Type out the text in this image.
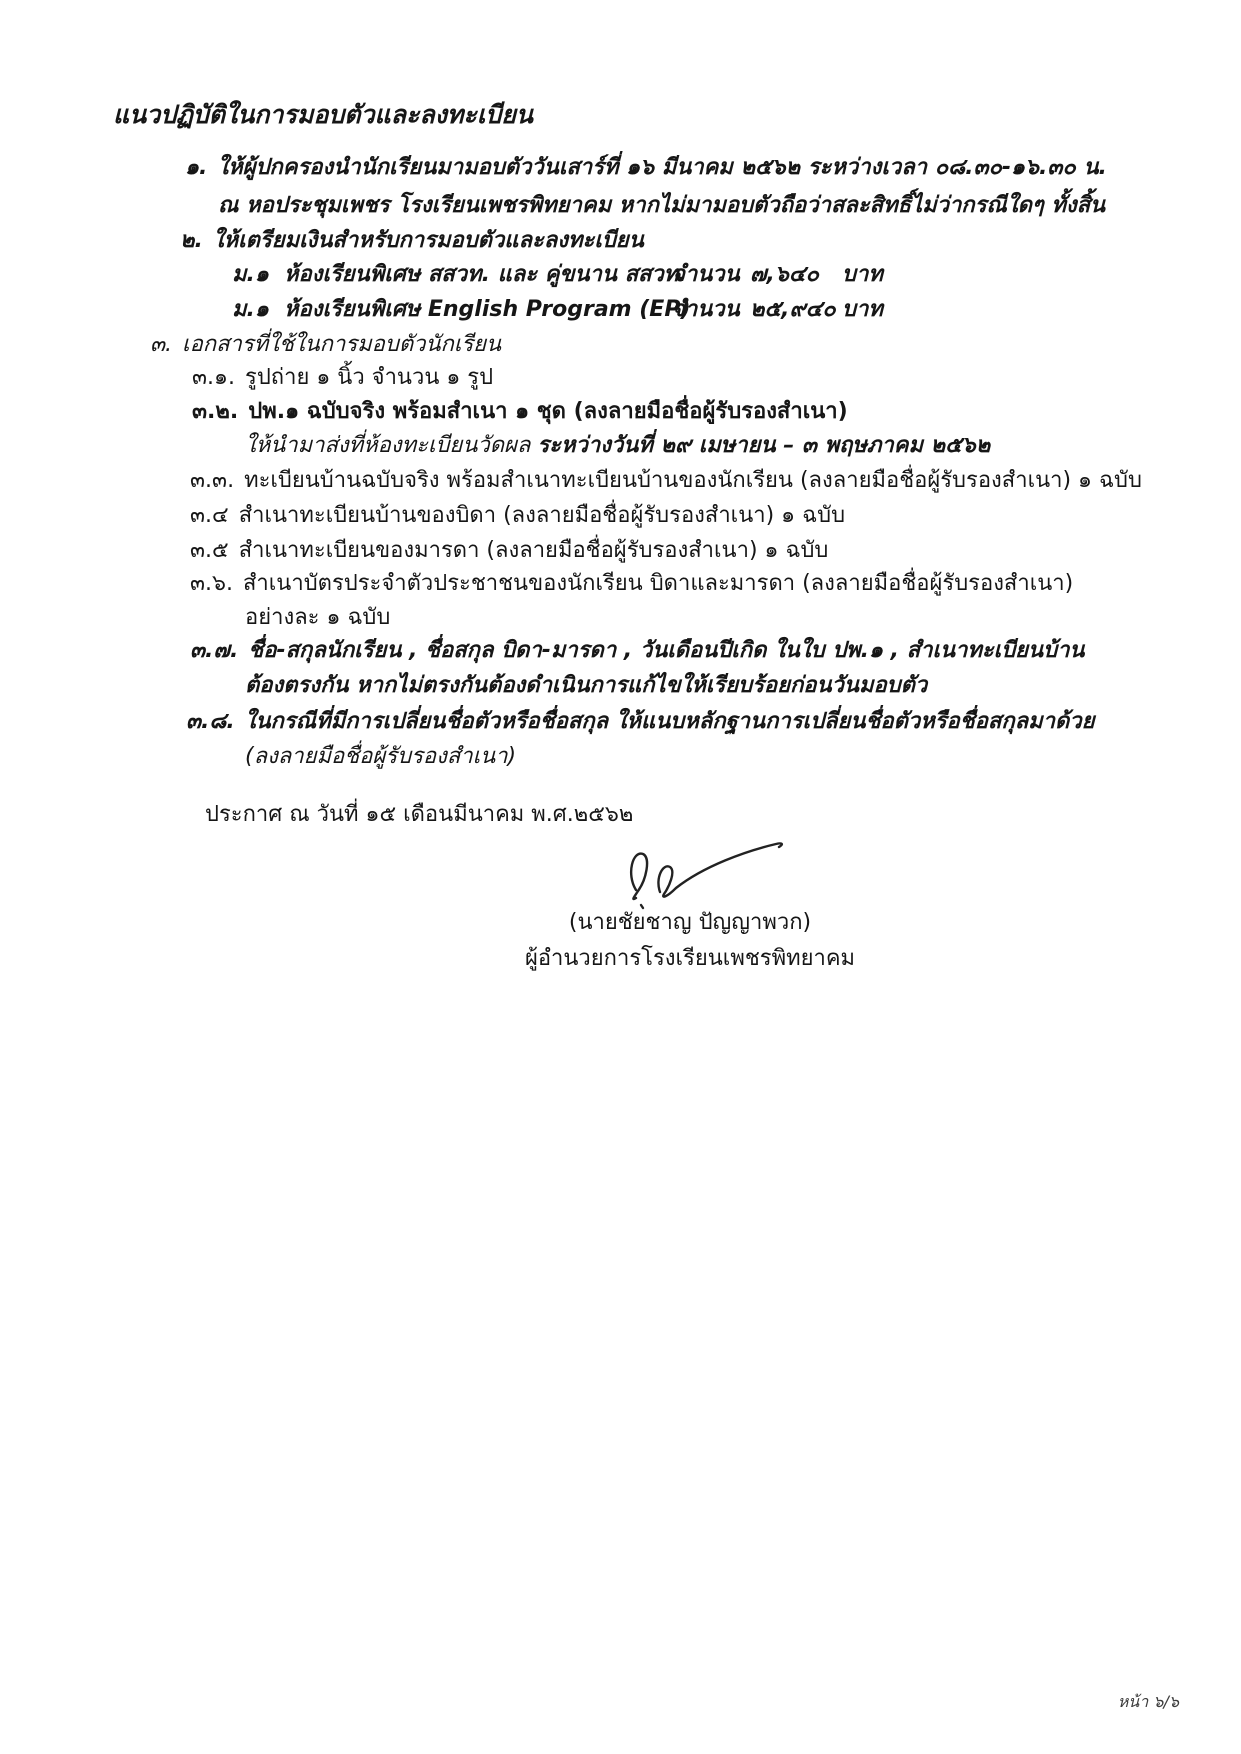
แนวปฏิบัติในการมอบตัวและลงทะเบียน
๑. ให้ผู้ปกครองนำนักเรียนมามอบตัววันเสาร์ที่ ๑๖ มีนาคม ๒๕๖๒ ระหว่างเวลา ๐๘.๓๐-๑๖.๓๐ น.
ณ หอประชุมเพชร โรงเรียนเพชรพิทยาคม หากไม่มามอบตัวถือว่าสละสิทธิ์ไม่ว่ากรณีใดๆ ทั้งสิ้น
๒. ให้เตรียมเงินสำหรับการมอบตัวและลงทะเบียน
ม.๑ ห้องเรียนพิเศษ สสวท. และ คู่ขนาน สสวท.
จำนวน ๗,๖๔๐	บาท
ม.๑ ห้องเรียนพิเศษ English Program (EP)
จำนวน ๒๕,๙๔๐ บาท
๓. เอกสารที่ใช้ในการมอบตัวนักเรียน
๓.๑. รูปถ่าย ๑ นิ้ว จำนวน ๑ รูป
๓.๒. ปพ.๑ ฉบับจริง พร้อมสำเนา ๑ ชุด (ลงลายมือชื่อผู้รับรองสำเนา)
ให้นำมาส่งที่ห้องทะเบียนวัดผล ระหว่างวันที่ ๒๙ เมษายน – ๓ พฤษภาคม ๒๕๖๒
๓.๓. ทะเบียนบ้านฉบับจริง พร้อมสำเนาทะเบียนบ้านของนักเรียน (ลงลายมือชื่อผู้รับรองสำเนา) ๑ ฉบับ
๓.๔ สำเนาทะเบียนบ้านของบิดา (ลงลายมือชื่อผู้รับรองสำเนา) ๑ ฉบับ
๓.๕ สำเนาทะเบียนของมารดา (ลงลายมือชื่อผู้รับรองสำเนา) ๑ ฉบับ
๓.๖. สำเนาบัตรประจำตัวประชาชนของนักเรียน บิดาและมารดา (ลงลายมือชื่อผู้รับรองสำเนา)
อย่างละ ๑ ฉบับ
๓.๗. ชื่อ-สกุลนักเรียน , ชื่อสกุล บิดา-มารดา , วันเดือนปีเกิด ในใบ ปพ.๑ , สำเนาทะเบียนบ้าน
ต้องตรงกัน หากไม่ตรงกันต้องดำเนินการแก้ไขให้เรียบร้อยก่อนวันมอบตัว
๓.๘. ในกรณีที่มีการเปลี่ยนชื่อตัวหรือชื่อสกุล ให้แนบหลักฐานการเปลี่ยนชื่อตัวหรือชื่อสกุลมาด้วย
(ลงลายมือชื่อผู้รับรองสำเนา)
ประกาศ ณ วันที่ ๑๕ เดือนมีนาคม พ.ศ.๒๕๖๒
(นายชัยชาญ ปัญญาพวก)
ผู้อำนวยการโรงเรียนเพชรพิทยาคม
หน้า ๖/๖
